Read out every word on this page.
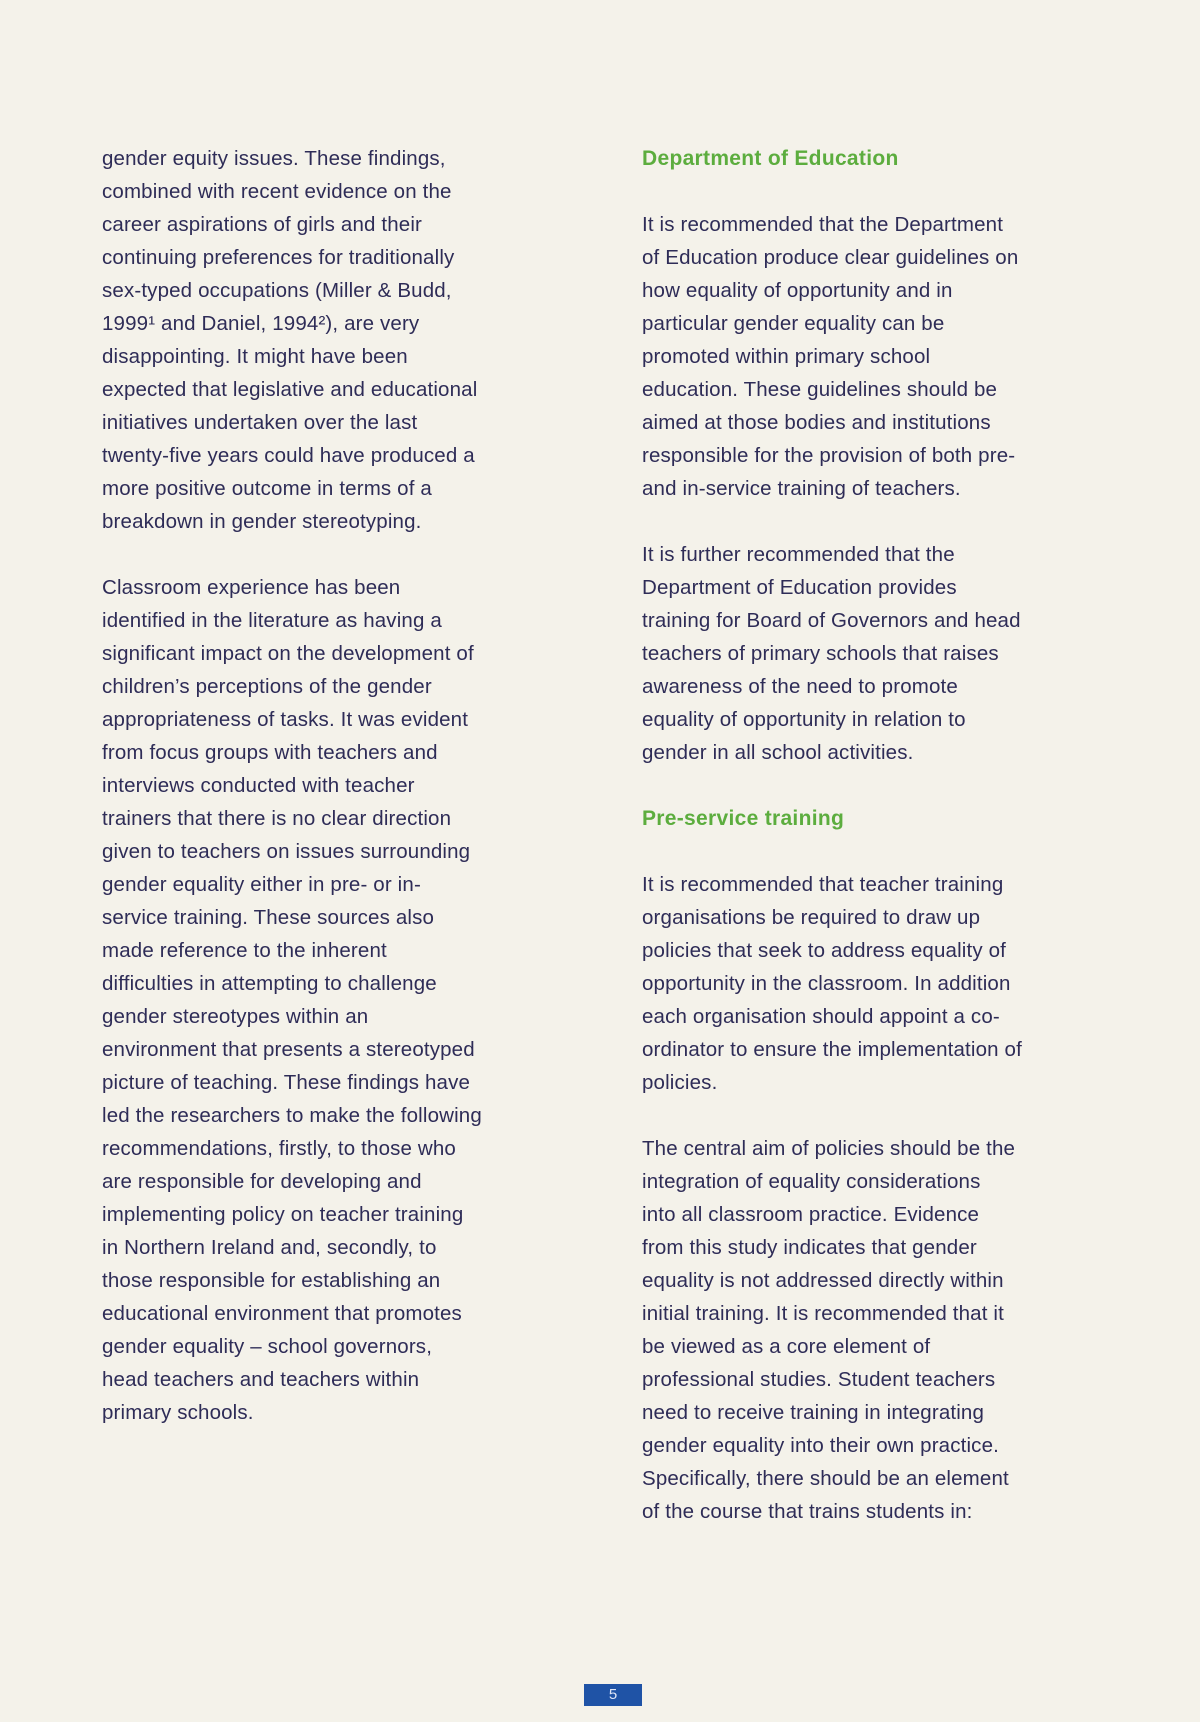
gender equity issues. These findings,
combined with recent evidence on the
career aspirations of girls and their
continuing preferences for traditionally
sex-typed occupations (Miller & Budd,
1999¹ and Daniel, 1994²), are very
disappointing. It might have been
expected that legislative and educational
initiatives undertaken over the last
twenty-five years could have produced a
more positive outcome in terms of a
breakdown in gender stereotyping.

Classroom experience has been
identified in the literature as having a
significant impact on the development of
children’s perceptions of the gender
appropriateness of tasks. It was evident
from focus groups with teachers and
interviews conducted with teacher
trainers that there is no clear direction
given to teachers on issues surrounding
gender equality either in pre- or in-
service training. These sources also
made reference to the inherent
difficulties in attempting to challenge
gender stereotypes within an
environment that presents a stereotyped
picture of teaching. These findings have
led the researchers to make the following
recommendations, firstly, to those who
are responsible for developing and
implementing policy on teacher training
in Northern Ireland and, secondly, to
those responsible for establishing an
educational environment that promotes
gender equality – school governors,
head teachers and teachers within
primary schools.

Department of Education

It is recommended that the Department
of Education produce clear guidelines on
how equality of opportunity and in
particular gender equality can be
promoted within primary school
education. These guidelines should be
aimed at those bodies and institutions
responsible for the provision of both pre-
and in-service training of teachers.

It is further recommended that the
Department of Education provides
training for Board of Governors and head
teachers of primary schools that raises
awareness of the need to promote
equality of opportunity in relation to
gender in all school activities.

Pre-service training

It is recommended that teacher training
organisations be required to draw up
policies that seek to address equality of
opportunity in the classroom. In addition
each organisation should appoint a co-
ordinator to ensure the implementation of
policies.

The central aim of policies should be the
integration of equality considerations
into all classroom practice. Evidence
from this study indicates that gender
equality is not addressed directly within
initial training. It is recommended that it
be viewed as a core element of
professional studies. Student teachers
need to receive training in integrating
gender equality into their own practice.
Specifically, there should be an element
of the course that trains students in:

5
